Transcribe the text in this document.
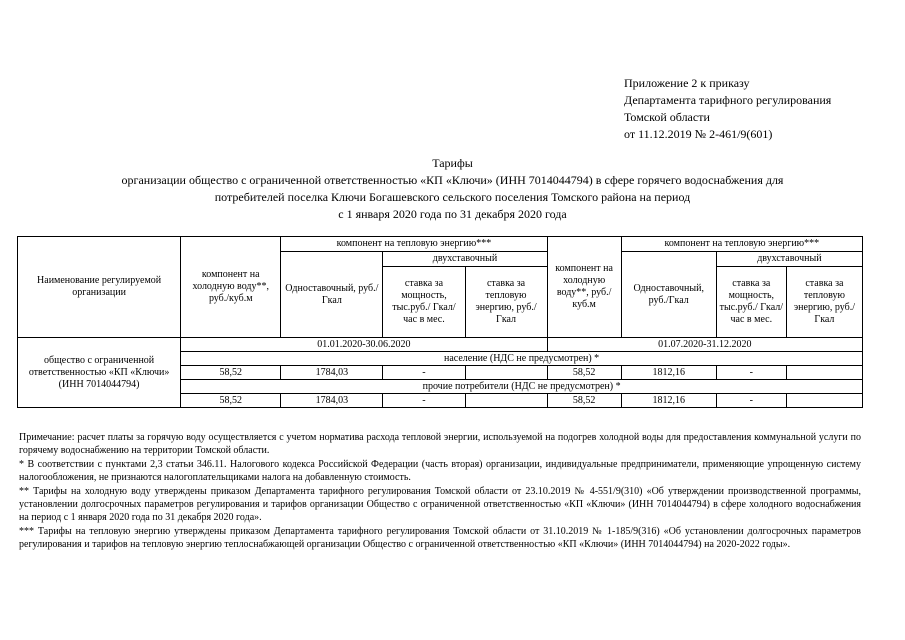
Приложение 2 к приказу
Департамента тарифного регулирования
Томской области
от 11.12.2019 № 2-461/9(601)
Тарифы
организации общество с ограниченной ответственностью «КП «Ключи» (ИНН 7014044794) в сфере горячего водоснабжения для
потребителей поселка Ключи Богашевского сельского поселения Томского района на период
с 1 января 2020 года по 31 декабря 2020 года
Наименование регулируемой организации	компонент на холодную воду**, руб./куб.м	компонент на тепловую энергию***			компонент на холодную воду**, руб./куб.м	компонент на тепловую энергию***		
		Одноставочный, руб./Гкал	двухставочный			Одноставочный, руб./Гкал	двухставочный	
			ставка за мощность, тыс.руб./ Гкал/час в мес.	ставка за тепловую энергию, руб./Гкал			ставка за мощность, тыс.руб./ Гкал/час в мес.	ставка за тепловую энергию, руб./Гкал
общество с ограниченной ответственностью «КП «Ключи» (ИНН 7014044794)	01.01.2020-30.06.2020				01.07.2020-31.12.2020			
	население (НДС не предусмотрен) *							
	58,52	1784,03	-		58,52	1812,16	-	
	прочие потребители (НДС не предусмотрен) *							
	58,52	1784,03	-		58,52	1812,16	-	

Примечание: расчет платы за горячую воду осуществляется с учетом норматива расхода тепловой энергии, используемой на подогрев холодной воды для предоставления коммунальной услуги по горячему водоснабжению на территории Томской области.

* В соответствии с пунктами 2,3 статьи 346.11. Налогового кодекса Российской Федерации (часть вторая) организации, индивидуальные предприниматели, применяющие упрощенную систему налогообложения, не признаются налогоплательщиками налога на добавленную стоимость.

** Тарифы на холодную воду утверждены приказом Департамента тарифного регулирования Томской области от 23.10.2019 № 4-551/9(310) «Об утверждении производственной программы, установлении долгосрочных параметров регулирования и тарифов организации Общество с ограниченной ответственностью «КП «Ключи» (ИНН 7014044794) в сфере холодного водоснабжения на период с 1 января 2020 года по 31 декабря 2020 года».

*** Тарифы на тепловую энергию утверждены приказом Департамента тарифного регулирования Томской области от 31.10.2019 № 1-185/9(316) «Об установлении долгосрочных параметров регулирования и тарифов на тепловую энергию теплоснабжающей организации Общество с ограниченной ответственностью «КП «Ключи» (ИНН 7014044794) на 2020-2022 годы».
